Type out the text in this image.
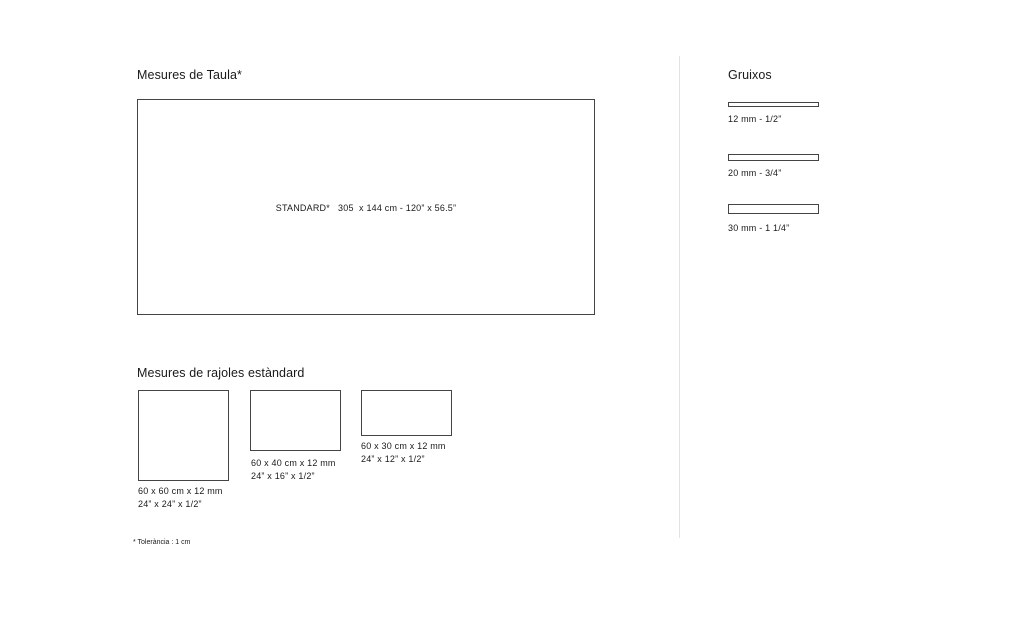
Mesures de Taula*
STANDARD*   305  x 144 cm - 120” x 56.5”
Mesures de rajoles estàndard
60 x 60 cm x 12 mm
24” x 24” x 1/2”
60 x 40 cm x 12 mm
24” x 16” x 1/2”
60 x 30 cm x 12 mm
24” x 12” x 1/2”
* Tolerància : 1 cm
Gruixos
12 mm - 1/2”
20 mm - 3/4”
30 mm - 1 1/4”
